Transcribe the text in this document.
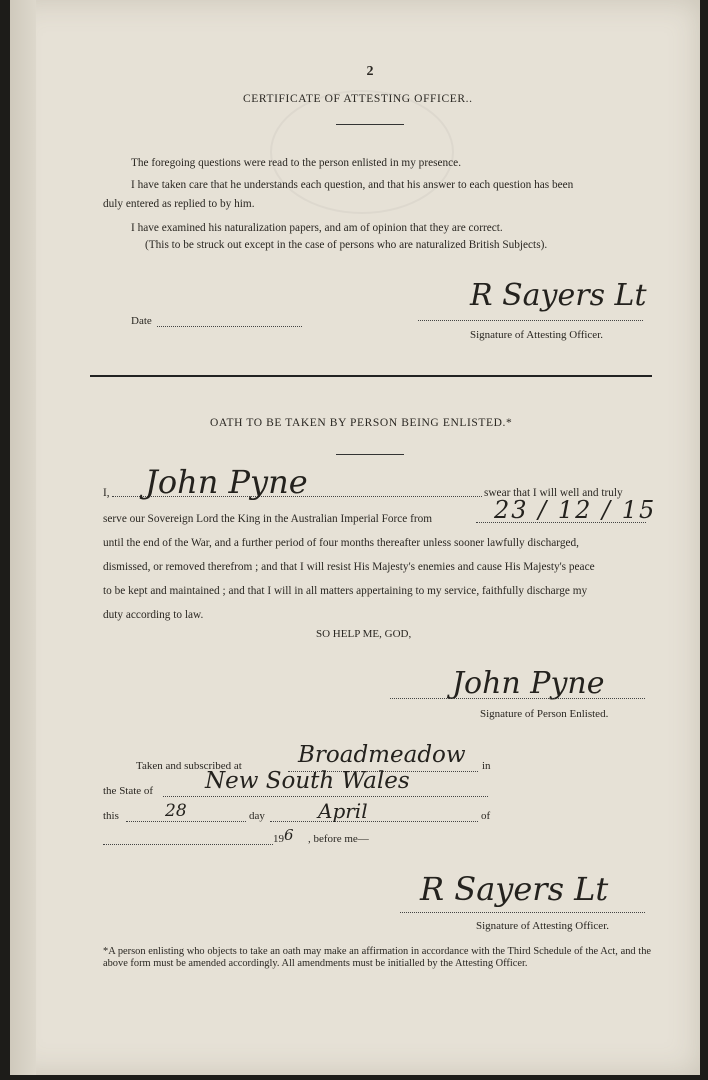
2
CERTIFICATE OF ATTESTING OFFICER..
The foregoing questions were read to the person enlisted in my presence.
I have taken care that he understands each question, and that his answer to each question has been
duly entered as replied to by him.
I have examined his naturalization papers, and am of opinion that they are correct.
(This to be struck out except in the case of persons who are naturalized British Subjects).
Date
R Sayers Lt
Signature of Attesting Officer.
OATH TO BE TAKEN BY PERSON BEING ENLISTED.*
I, John Pyne	swear that I will well and truly
serve our Sovereign Lord the King in the Australian Imperial Force from	23 / 12 / 15
until the end of the War, and a further period of four months thereafter unless sooner lawfully discharged,
dismissed, or removed therefrom ; and that I will resist His Majesty's enemies and cause His Majesty's peace
to be kept and maintained ; and that I will in all matters appertaining to my service, faithfully discharge my
duty according to law.
SO HELP ME, GOD,
John Pyne
Signature of Person Enlisted.
Taken and subscribed at Broadmeadow in
the State of New South Wales
this	28	day	April	of
19 6 , before me—
R Sayers Lt
Signature of Attesting Officer.
*A person enlisting who objects to take an oath may make an affirmation in accordance with the Third Schedule of the Act, and the above form must be amended accordingly. All amendments must be initialled by the Attesting Officer.
